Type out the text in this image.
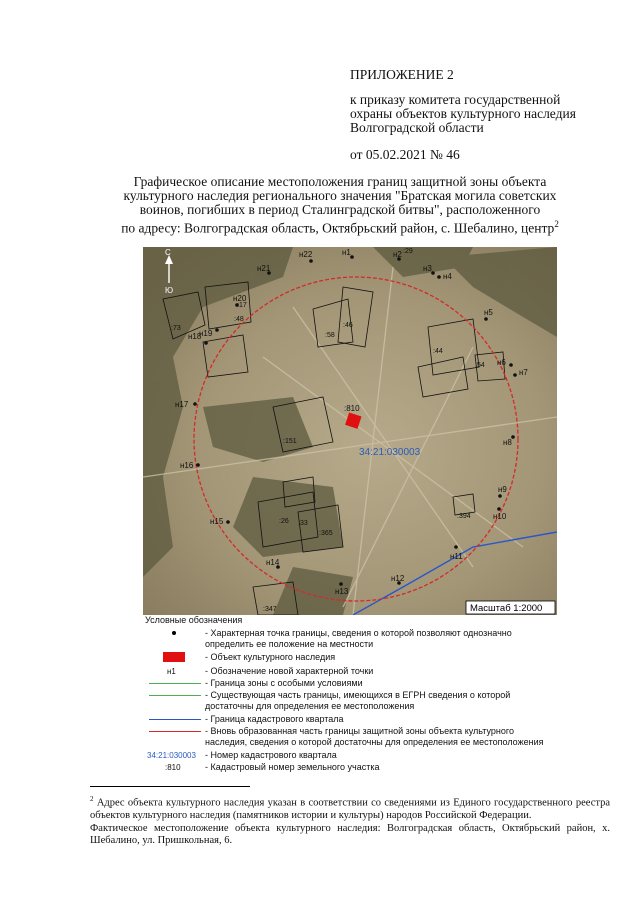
ПРИЛОЖЕНИЕ 2
к приказу комитета государственной
охраны объектов культурного наследия
Волгоградской области
от 05.02.2021 № 46
Графическое описание местоположения границ защитной зоны объекта
культурного наследия регионального значения "Братская могила советских
воинов, погибших в период Сталинградской битвы", расположенного
по адресу: Волгоградская область, Октябрьский район, с. Шебалино, центр$^2$
н1	н2
н3
н4
н5
н6
н7
н8
н9
н10
н11
н12
н13
н14
н15
н16
н17
н18
н19
н20
н21
н22	:29
:73
:48
:17
:46
:44
:151
:394
:365
:347
:54
:33
:26
:58
:810
34:21:030003
С
Ю
Масштаб 1:2000
Условные обозначения
- Характерная точка границы, сведения о которой позволяют однозначно определить ее положение на местности
- Объект культурного наследия
н1	- Обозначение новой характерной точки
- Граница зоны с особыми условиями
- Существующая часть границы, имеющихся в ЕГРН сведения о которой достаточны для определения ее местоположения
- Граница кадастрового квартала
- Вновь образованная часть границы защитной зоны объекта культурного наследия, сведения о которой достаточны для определения ее местоположения
34:21:030003 - Номер кадастрового квартала
:810	- Кадастровый номер земельного участка
$^2$ Адрес объекта культурного наследия указан в соответствии со сведениями из Единого государственного реестра объектов культурного наследия (памятников истории и культуры) народов Российской Федерации.
Фактическое местоположение объекта культурного наследия: Волгоградская область, Октябрьский район, х. Шебалино, ул. Пришкольная, 6.
